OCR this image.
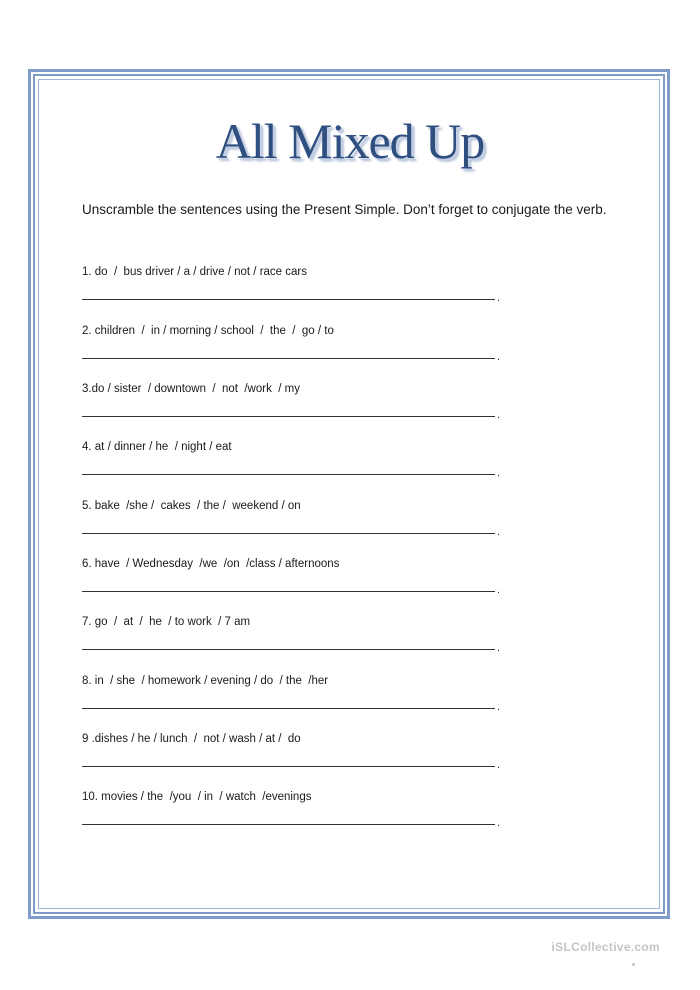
All Mixed Up
Unscramble the sentences using the Present Simple. Don’t forget to conjugate the verb.
1. do  /  bus driver / a / drive / not / race cars
.
2. children  /  in / morning / school  /  the  /  go / to
.
3.do / sister  / downtown  /  not  /work  / my
.
4. at / dinner / he  / night / eat
.
5. bake  /she /  cakes  / the /  weekend / on
.
6. have  / Wednesday  /we  /on  /class / afternoons
.
7. go  /  at  /  he  / to work  / 7 am
.
8. in  / she  / homework / evening / do  / the  /her
.
9 .dishes / he / lunch  /  not / wash / at /  do
.
10. movies / the  /you  / in  / watch  /evenings
.
iSLCollective.com
